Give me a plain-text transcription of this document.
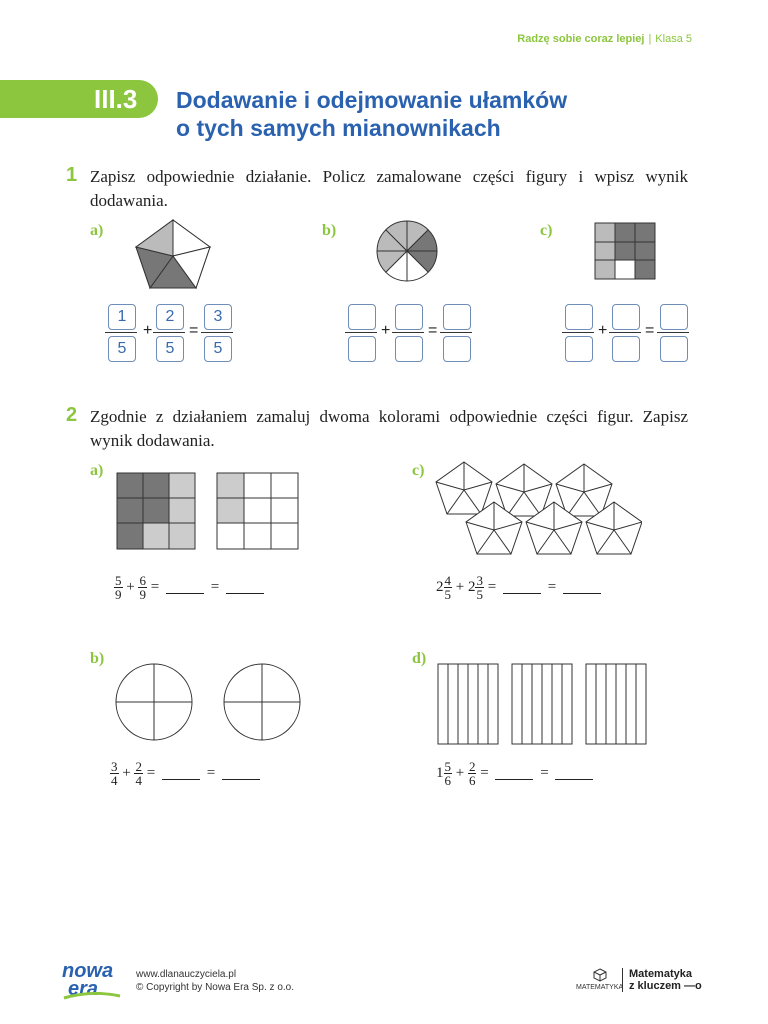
Radzę sobie coraz lepiej | Klasa 5
III.3 Dodawanie i odejmowanie ułamków
o tych samych mianownikach
1 Zapisz odpowiednie działanie. Policz zamalowane części figury i wpisz wynik dodawania.
a)	b)	c)
1
5
+
2
5
=
3
5
+ =	+ =
2 Zgodnie z działaniem zamaluj dwoma kolorami odpowiednie części figur. Zapisz wynik dodawania.
a)	c)
b)	d)
$\frac{5}{9} + \frac{6}{9}$ =	=	$2 \frac{4}{5} + 2 \frac{3}{5}$ =	=
$\frac{3}{4} + \frac{2}{4}$ =	=	$1 \frac{5}{6} + \frac{2}{6}$ =	=
nowa
era
www.dlanauczyciela.pl
© Copyright by Nowa Era Sp. z o.o.	MATEMATYKA
Matematyka
z kluczem —o
